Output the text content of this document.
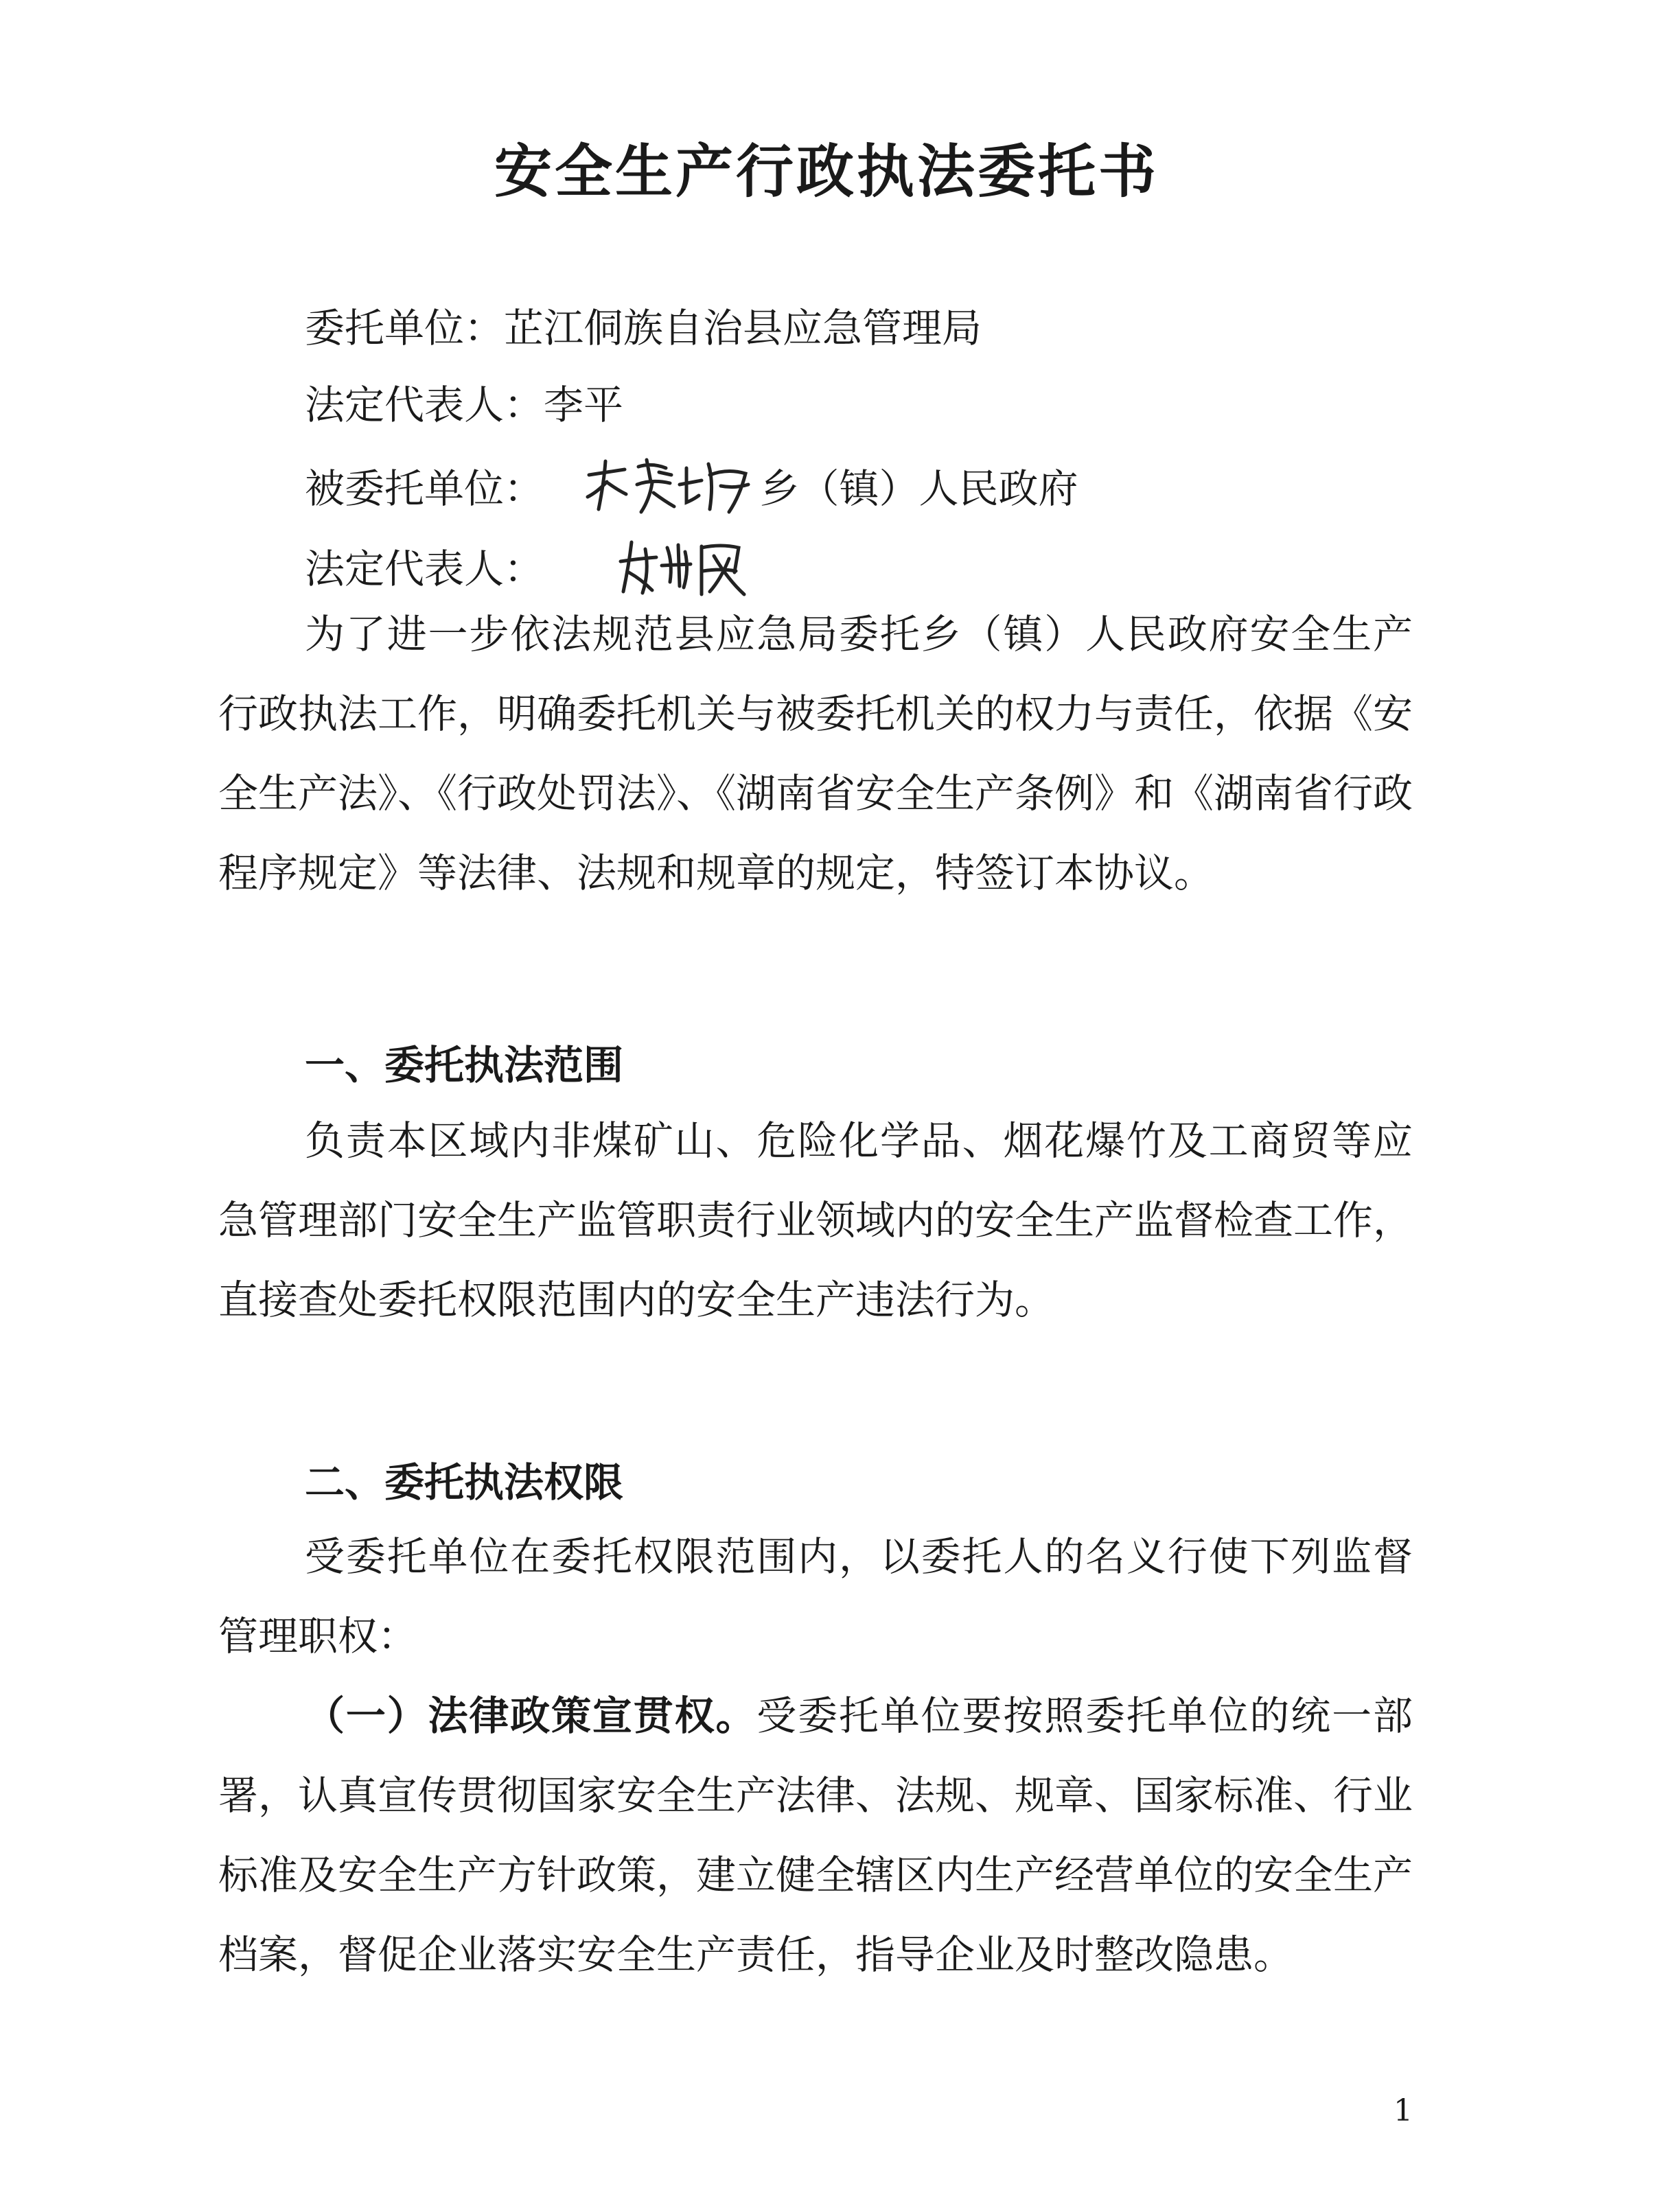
安全生产行政执法委托书
委托单位：芷江侗族自治县应急管理局
法定代表人：李平
被委托单位：	乡（镇）人民政府
法定代表人：

为了进一步依法规范县应急局委托乡（镇）人民政府安全生产行政执法工作，明确委托机关与被委托机关的权力与责任，依据《安全生产法》、《行政处罚法》、《湖南省安全生产条例》和《湖南省行政程序规定》等法律、法规和规章的规定，特签订本协议。

一、委托执法范围

负责本区域内非煤矿山、危险化学品、烟花爆竹及工商贸等应急管理部门安全生产监管职责行业领域内的安全生产监督检查工作，直接查处委托权限范围内的安全生产违法行为。

二、委托执法权限

受委托单位在委托权限范围内，以委托人的名义行使下列监督管理职权：

（一）法律政策宣贯权。受委托单位要按照委托单位的统一部署，认真宣传贯彻国家安全生产法律、法规、规章、国家标准、行业标准及安全生产方针政策，建立健全辖区内生产经营单位的安全生产档案，督促企业落实安全生产责任，指导企业及时整改隐患。

1
